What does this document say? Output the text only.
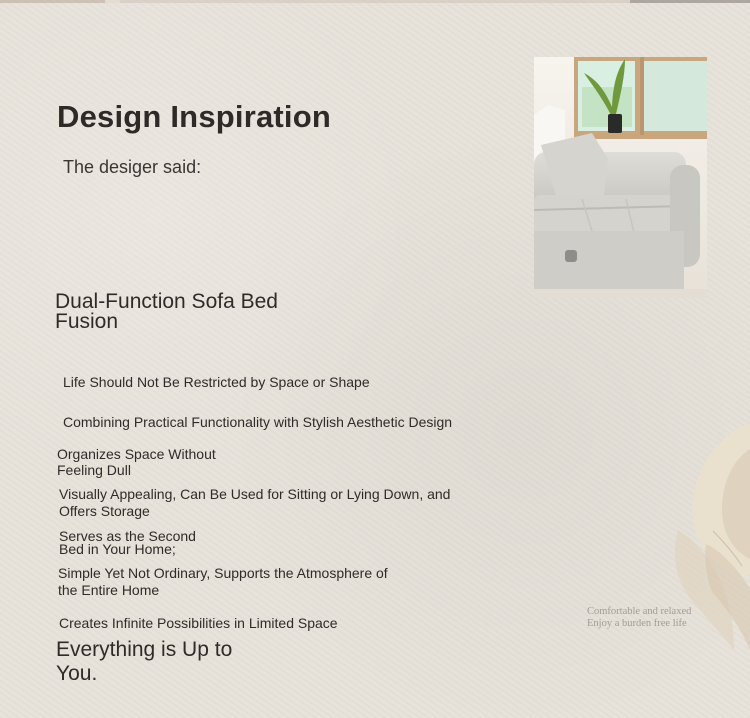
Design Inspiration
The desiger said:
Dual-Function Sofa Bed Fusion
Life Should Not Be Restricted by Space or Shape
Combining Practical Functionality with Stylish Aesthetic Design
Organizes Space Without Feeling Dull
Visually Appealing, Can Be Used for Sitting or Lying Down, and Offers Storage
Serves as the Second Bed in Your Home;
Simple Yet Not Ordinary, Supports the Atmosphere of the Entire Home
Creates Infinite Possibilities in Limited Space
Everything is Up to You.
Comfortable and relaxed
Enjoy a burden free life
